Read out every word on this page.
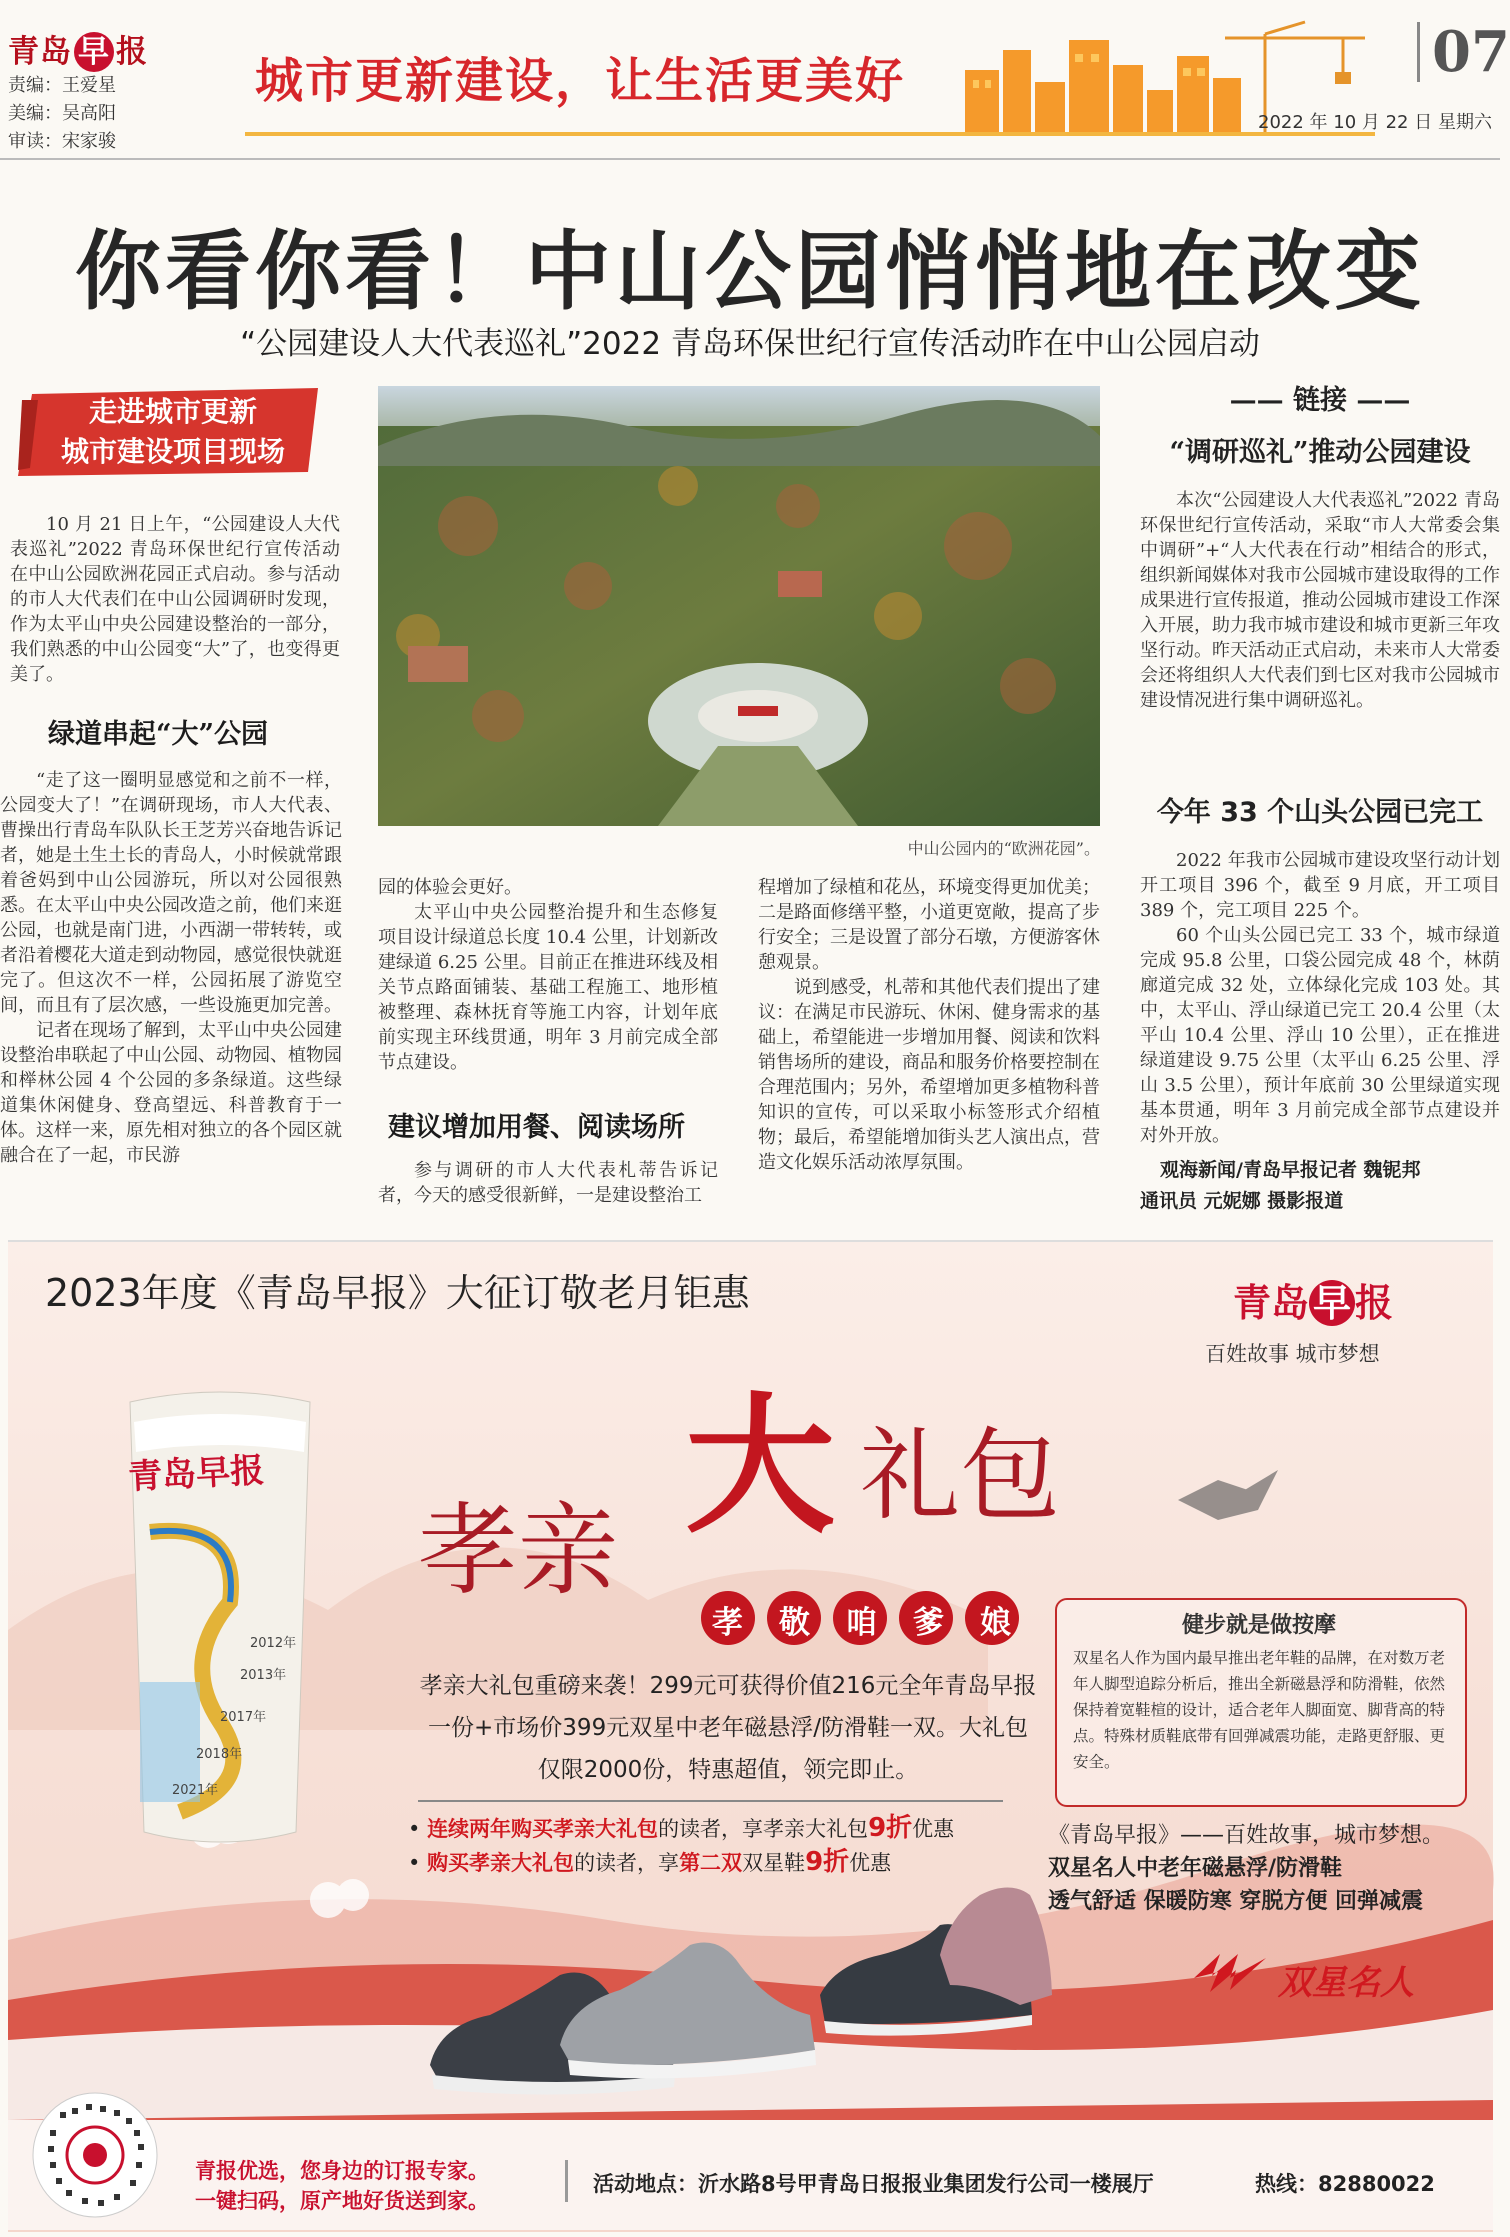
青岛 早 报
责编：王爱星
美编：吴高阳
审读：宋家骏
城市更新建设，让生活更美好	07
2022 年 10 月 22 日 星期六
你看你看！中山公园悄悄地在改变
“公园建设人大代表巡礼”2022 青岛环保世纪行宣传活动昨在中山公园启动
走进城市更新
城市建设项目现场

10 月 21 日上午，“公园建设人大代表巡礼”2022 青岛环保世纪行宣传活动在中山公园欧洲花园正式启动。参与活动的市人大代表们在中山公园调研时发现，作为太平山中央公园建设整治的一部分，我们熟悉的中山公园变“大”了，也变得更美了。

绿道串起“大”公园

“走了这一圈明显感觉和之前不一样，公园变大了！”在调研现场，市人大代表、曹操出行青岛车队队长王芝芳兴奋地告诉记者，她是土生土长的青岛人，小时候就常跟着爸妈到中山公园游玩，所以对公园很熟悉。在太平山中央公园改造之前，他们来逛公园，也就是南门进，小西湖一带转转，或者沿着樱花大道走到动物园，感觉很快就逛完了。但这次不一样，公园拓展了游览空间，而且有了层次感，一些设施更加完善。

记者在现场了解到，太平山中央公园建设整治串联起了中山公园、动物园、植物园和榉林公园 4 个公园的多条绿道。这些绿道集休闲健身、登高望远、科普教育于一体。这样一来，原先相对独立的各个园区就融合在了一起，市民游

中山公园内的“欧洲花园”。

园的体验会更好。

太平山中央公园整治提升和生态修复项目设计绿道总长度 10.4 公里，计划新改建绿道 6.25 公里。目前正在推进环线及相关节点路面铺装、基础工程施工、地形植被整理、森林抚育等施工内容，计划年底前实现主环线贯通，明年 3 月前完成全部节点建设。

建议增加用餐、阅读场所

参与调研的市人大代表札蒂告诉记者，今天的感受很新鲜，一是建设整治工

程增加了绿植和花丛，环境变得更加优美；二是路面修缮平整，小道更宽敞，提高了步行安全；三是设置了部分石墩，方便游客休憩观景。

说到感受，札蒂和其他代表们提出了建议：在满足市民游玩、休闲、健身需求的基础上，希望能进一步增加用餐、阅读和饮料销售场所的建设，商品和服务价格要控制在合理范围内；另外，希望增加更多植物科普知识的宣传，可以采取小标签形式介绍植物；最后，希望能增加街头艺人演出点，营造文化娱乐活动浓厚氛围。

—— 链接 ——
“调研巡礼”推动公园建设

本次“公园建设人大代表巡礼”2022 青岛环保世纪行宣传活动，采取“市人大常委会集中调研”+“人大代表在行动”相结合的形式，组织新闻媒体对我市公园城市建设取得的工作成果进行宣传报道，推动公园城市建设工作深入开展，助力我市城市建设和城市更新三年攻坚行动。昨天活动正式启动，未来市人大常委会还将组织人大代表们到七区对我市公园城市建设情况进行集中调研巡礼。

今年 33 个山头公园已完工

2022 年我市公园城市建设攻坚行动计划开工项目 396 个，截至 9 月底，开工项目 389 个，完工项目 225 个。

60 个山头公园已完工 33 个，城市绿道完成 95.8 公里，口袋公园完成 48 个，林荫廊道完成 32 处，立体绿化完成 103 处。其中，太平山、浮山绿道已完工 20.4 公里（太平山 10.4 公里、浮山 10 公里），正在推进绿道建设 9.75 公里（太平山 6.25 公里、浮山 3.5 公里），预计年底前 30 公里绿道实现基本贯通，明年 3 月前完成全部节点建设并对外开放。

观海新闻/青岛早报记者 魏铌邦
通讯员 元妮娜 摄影报道
2023年度《青岛早报》大征订敬老月钜惠	青岛 早 报
百姓故事 城市梦想
青岛早报
2012年
2013年
2017年
2018年
2021年
孝亲 大 礼包
孝敬咱爹娘
孝亲大礼包重磅来袭！299元可获得价值216元全年青岛早报一份+市场价399元双星中老年磁悬浮/防滑鞋一双。大礼包仅限2000份，特惠超值，领完即止。
• 连续两年购买孝亲大礼包的读者，享孝亲大礼包9折优惠
• 购买孝亲大礼包的读者，享第二双双星鞋9折优惠
健步就是做按摩
双星名人作为国内最早推出老年鞋的品牌，在对数万老年人脚型追踪分析后，推出全新磁悬浮和防滑鞋，依然保持着宽鞋楦的设计，适合老年人脚面宽、脚背高的特点。特殊材质鞋底带有回弹减震功能，走路更舒服、更安全。
《青岛早报》——百姓故事，城市梦想。
双星名人中老年磁悬浮/防滑鞋
透气舒适 保暖防寒 穿脱方便 回弹减震
双星名人
青报优选，您身边的订报专家。
一键扫码，原产地好货送到家。
活动地点：沂水路8号甲青岛日报报业集团发行公司一楼展厅	热线：82880022
